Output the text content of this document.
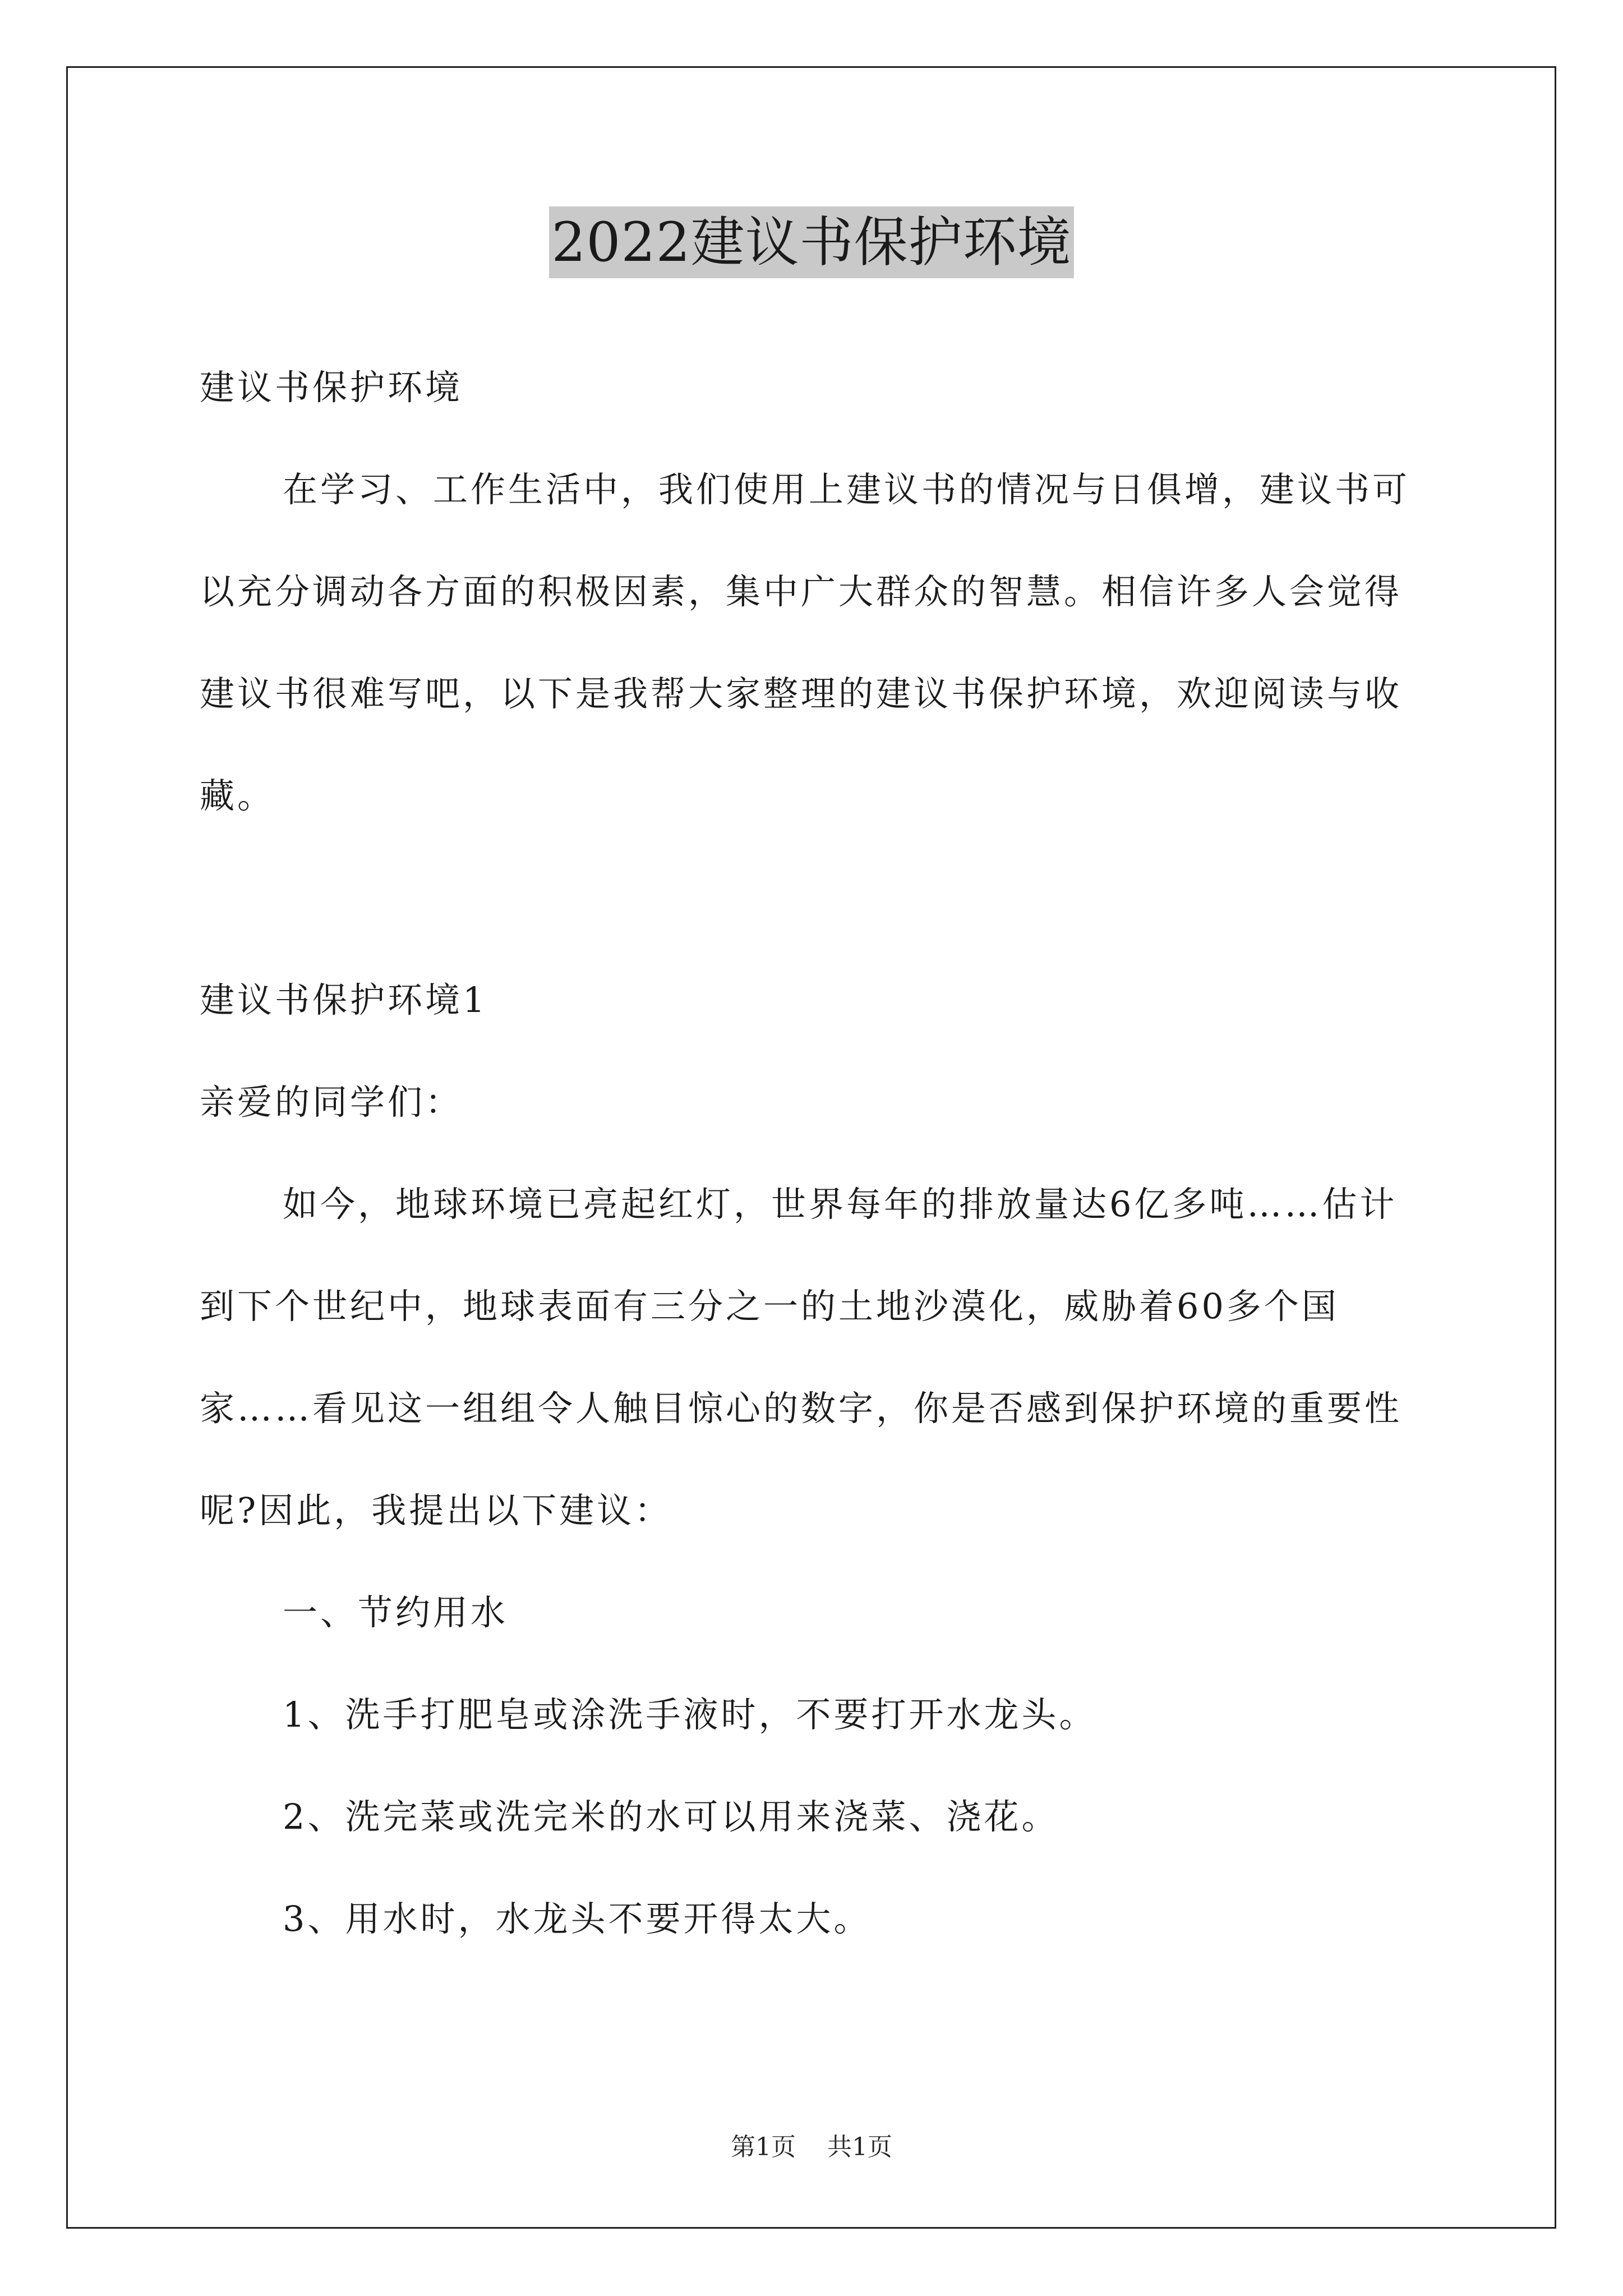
2022建议书保护环境

建议书保护环境

在学习、工作生活中，我们使用上建议书的情况与日俱增，建议书可以充分调动各方面的积极因素，集中广大群众的智慧。相信许多人会觉得建议书很难写吧，以下是我帮大家整理的建议书保护环境，欢迎阅读与收藏。

建议书保护环境1

亲爱的同学们：

如今，地球环境已亮起红灯，世界每年的排放量达6亿多吨……估计到下个世纪中，地球表面有三分之一的土地沙漠化，威胁着60多个国家……看见这一组组令人触目惊心的数字，你是否感到保护环境的重要性呢?因此，我提出以下建议：

一、节约用水

1、洗手打肥皂或涂洗手液时，不要打开水龙头。

2、洗完菜或洗完米的水可以用来浇菜、浇花。

3、用水时，水龙头不要开得太大。

第1页 共1页
